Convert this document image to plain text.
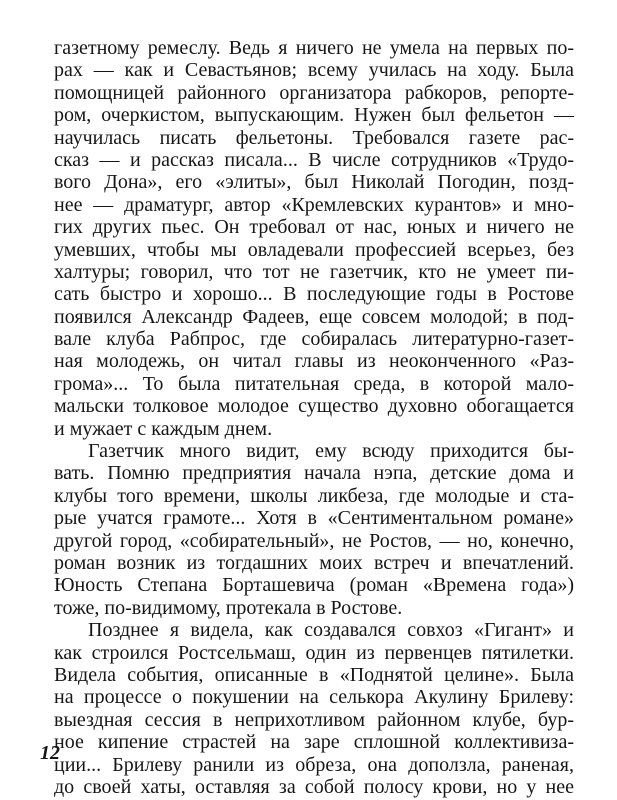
газетному ремеслу. Ведь я ничего не умела на первых по-
рах — как и Севастьянов; всему училась на ходу. Была
помощницей районного организатора рабкоров, репорте-
ром, очеркистом, выпускающим. Нужен был фельетон —
научилась писать фельетоны. Требовался газете рас-
сказ — и рассказ писала... В числе сотрудников «Трудо-
вого Дона», его «элиты», был Николай Погодин, позд-
нее — драматург, автор «Кремлевских курантов» и мно-
гих других пьес. Он требовал от нас, юных и ничего не
умевших, чтобы мы овладевали профессией всерьез, без
халтуры; говорил, что тот не газетчик, кто не умеет пи-
сать быстро и хорошо... В последующие годы в Ростове
появился Александр Фадеев, еще совсем молодой; в под-
вале клуба Рабпрос, где собиралась литературно-газет-
ная молодежь, он читал главы из неоконченного «Раз-
грома»... То была питательная среда, в которой мало-
мальски толковое молодое существо духовно обогащается
и мужает с каждым днем.
Газетчик много видит, ему всюду приходится бы-
вать. Помню предприятия начала нэпа, детские дома и
клубы того времени, школы ликбеза, где молодые и ста-
рые учатся грамоте... Хотя в «Сентиментальном романе»
другой город, «собирательный», не Ростов, — но, конечно,
роман возник из тогдашних моих встреч и впечатлений.
Юность Степана Борташевича (роман «Времена года»)
тоже, по-видимому, протекала в Ростове.
Позднее я видела, как создавался совхоз «Гигант» и
как строился Ростсельмаш, один из первенцев пятилетки.
Видела события, описанные в «Поднятой целине». Была
на процессе о покушении на селькора Акулину Брилеву:
выездная сессия в неприхотливом районном клубе, бур-
ное кипение страстей на заре сплошной коллективиза-
ции... Брилеву ранили из обреза, она доползла, раненая,
до своей хаты, оставляя за собой полосу крови, но у нее
12
